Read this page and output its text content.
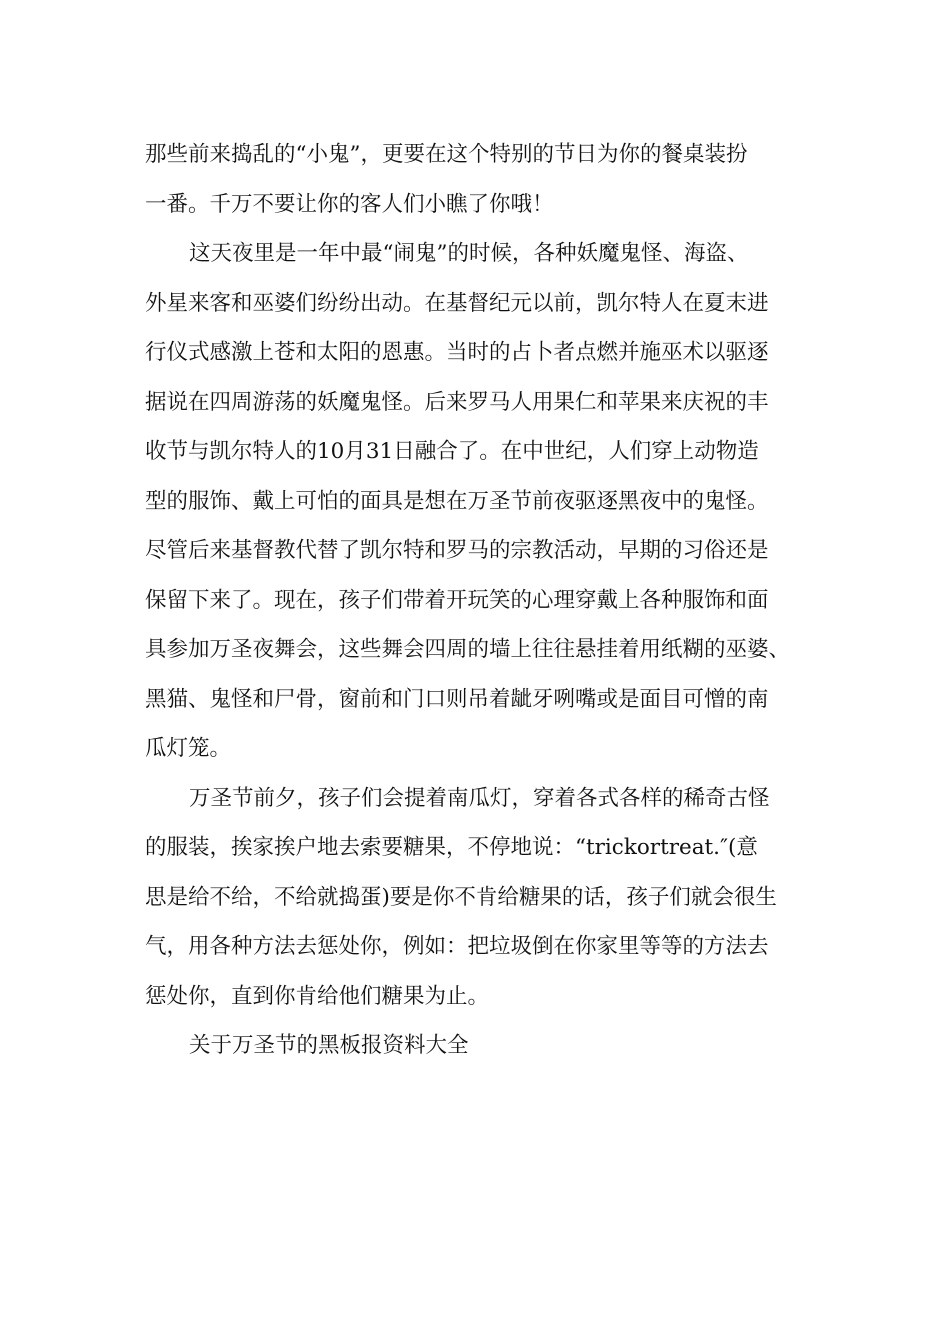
那些前来捣乱的“小鬼”，更要在这个特别的节日为你的餐桌装扮
一番。千万不要让你的客人们小瞧了你哦！

这天夜里是一年中最“闹鬼”的时候，各种妖魔鬼怪、海盗、
外星来客和巫婆们纷纷出动。在基督纪元以前，凯尔特人在夏末进
行仪式感激上苍和太阳的恩惠。当时的占卜者点燃并施巫术以驱逐
据说在四周游荡的妖魔鬼怪。后来罗马人用果仁和苹果来庆祝的丰
收节与凯尔特人的10月31日融合了。在中世纪，人们穿上动物造
型的服饰、戴上可怕的面具是想在万圣节前夜驱逐黑夜中的鬼怪。
尽管后来基督教代替了凯尔特和罗马的宗教活动，早期的习俗还是
保留下来了。现在，孩子们带着开玩笑的心理穿戴上各种服饰和面
具参加万圣夜舞会，这些舞会四周的墙上往往悬挂着用纸糊的巫婆、
黑猫、鬼怪和尸骨，窗前和门口则吊着龇牙咧嘴或是面目可憎的南
瓜灯笼。

万圣节前夕，孩子们会提着南瓜灯，穿着各式各样的稀奇古怪
的服装，挨家挨户地去索要糖果，不停地说：“trickortreat.″(意
思是给不给，不给就捣蛋)要是你不肯给糖果的话，孩子们就会很生
气，用各种方法去惩处你，例如：把垃圾倒在你家里等等的方法去
惩处你，直到你肯给他们糖果为止。

关于万圣节的黑板报资料大全
